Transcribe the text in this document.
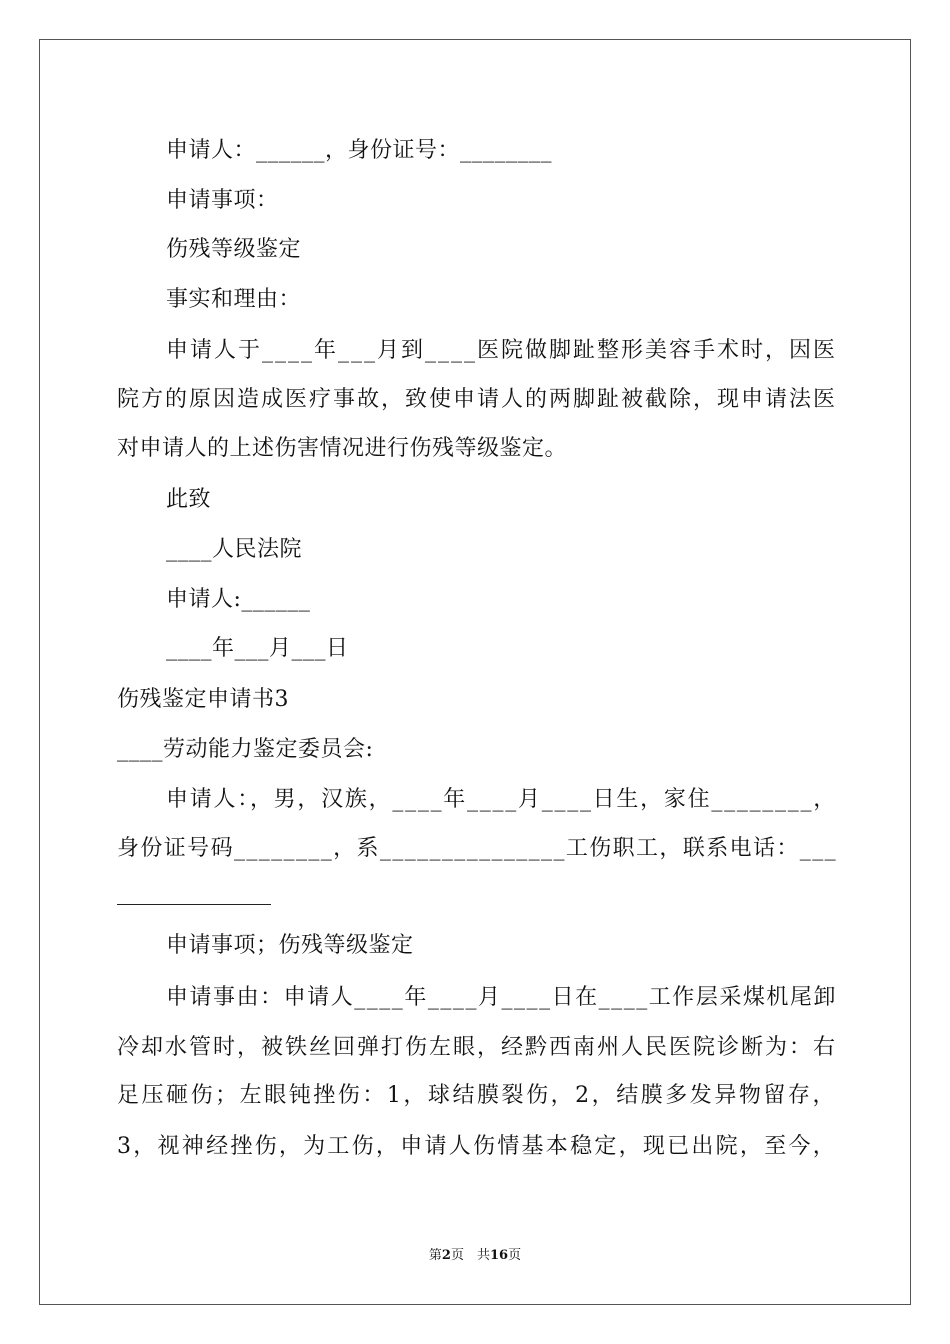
申请人：______，身份证号：________
申请事项：
伤残等级鉴定
事实和理由：
申请人于____年___月到____医院做脚趾整形美容手术时，因医
院方的原因造成医疗事故，致使申请人的两脚趾被截除，现申请法医
对申请人的上述伤害情况进行伤残等级鉴定。
此致
____人民法院
申请人:______
____年___月___日
伤残鉴定申请书3
____劳动能力鉴定委员会:
申请人：，男，汉族，____年____月____日生，家住________，
身份证号码________，系_______________工伤职工，联系电话：___
申请事项；伤残等级鉴定
申请事由：申请人____年____月____日在____工作层采煤机尾卸
冷却水管时，被铁丝回弹打伤左眼，经黔西南州人民医院诊断为：右
足压砸伤；左眼钝挫伤：1，球结膜裂伤，2，结膜多发异物留存，
3，视神经挫伤，为工伤，申请人伤情基本稳定，现已出院，至今，
第2页　共16页
